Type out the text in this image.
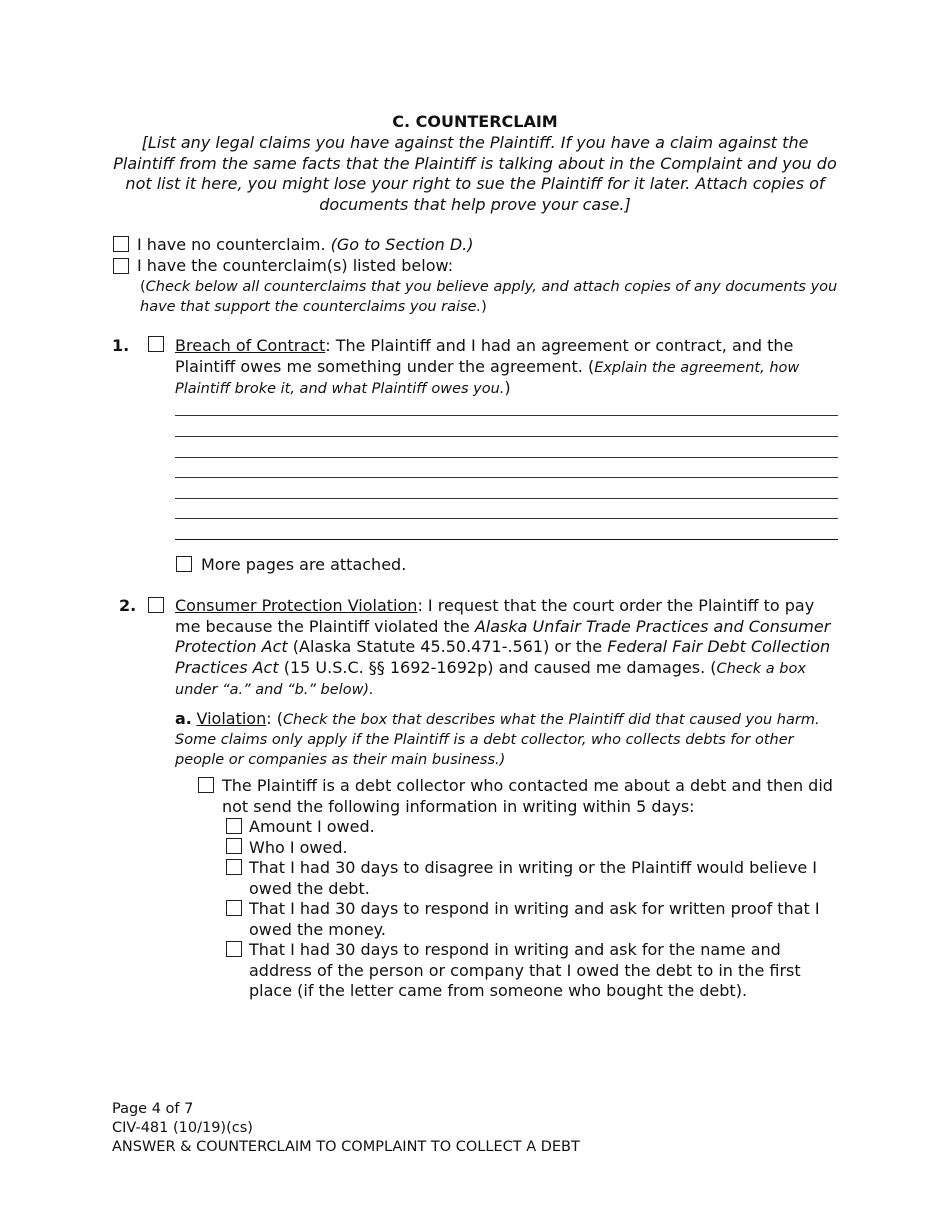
C. COUNTERCLAIM
[List any legal claims you have against the Plaintiff. If you have a claim against the Plaintiff from the same facts that the Plaintiff is talking about in the Complaint and you do not list it here, you might lose your right to sue the Plaintiff for it later. Attach copies of documents that help prove your case.]
I have no counterclaim. (Go to Section D.)
I have the counterclaim(s) listed below:
(Check below all counterclaims that you believe apply, and attach copies of any documents you have that support the counterclaims you raise.)
1.	Breach of Contract: The Plaintiff and I had an agreement or contract, and the Plaintiff owes me something under the agreement. (Explain the agreement, how Plaintiff broke it, and what Plaintiff owes you.)
More pages are attached.
2. Consumer Protection Violation: I request that the court order the Plaintiff to pay me because the Plaintiff violated the Alaska Unfair Trade Practices and Consumer Protection Act (Alaska Statute 45.50.471-.561) or the Federal Fair Debt Collection Practices Act (15 U.S.C. §§ 1692-1692p) and caused me damages. (Check a box under “a.” and “b.” below).
a. Violation: (Check the box that describes what the Plaintiff did that caused you harm. Some claims only apply if the Plaintiff is a debt collector, who collects debts for other people or companies as their main business.)
The Plaintiff is a debt collector who contacted me about a debt and then did not send the following information in writing within 5 days:
Amount I owed.
Who I owed.
That I had 30 days to disagree in writing or the Plaintiff would believe I owed the debt.
That I had 30 days to respond in writing and ask for written proof that I owed the money.
That I had 30 days to respond in writing and ask for the name and address of the person or company that I owed the debt to in the first place (if the letter came from someone who bought the debt).
Page 4 of 7
CIV-481 (10/19)(cs)
ANSWER & COUNTERCLAIM TO COMPLAINT TO COLLECT A DEBT
